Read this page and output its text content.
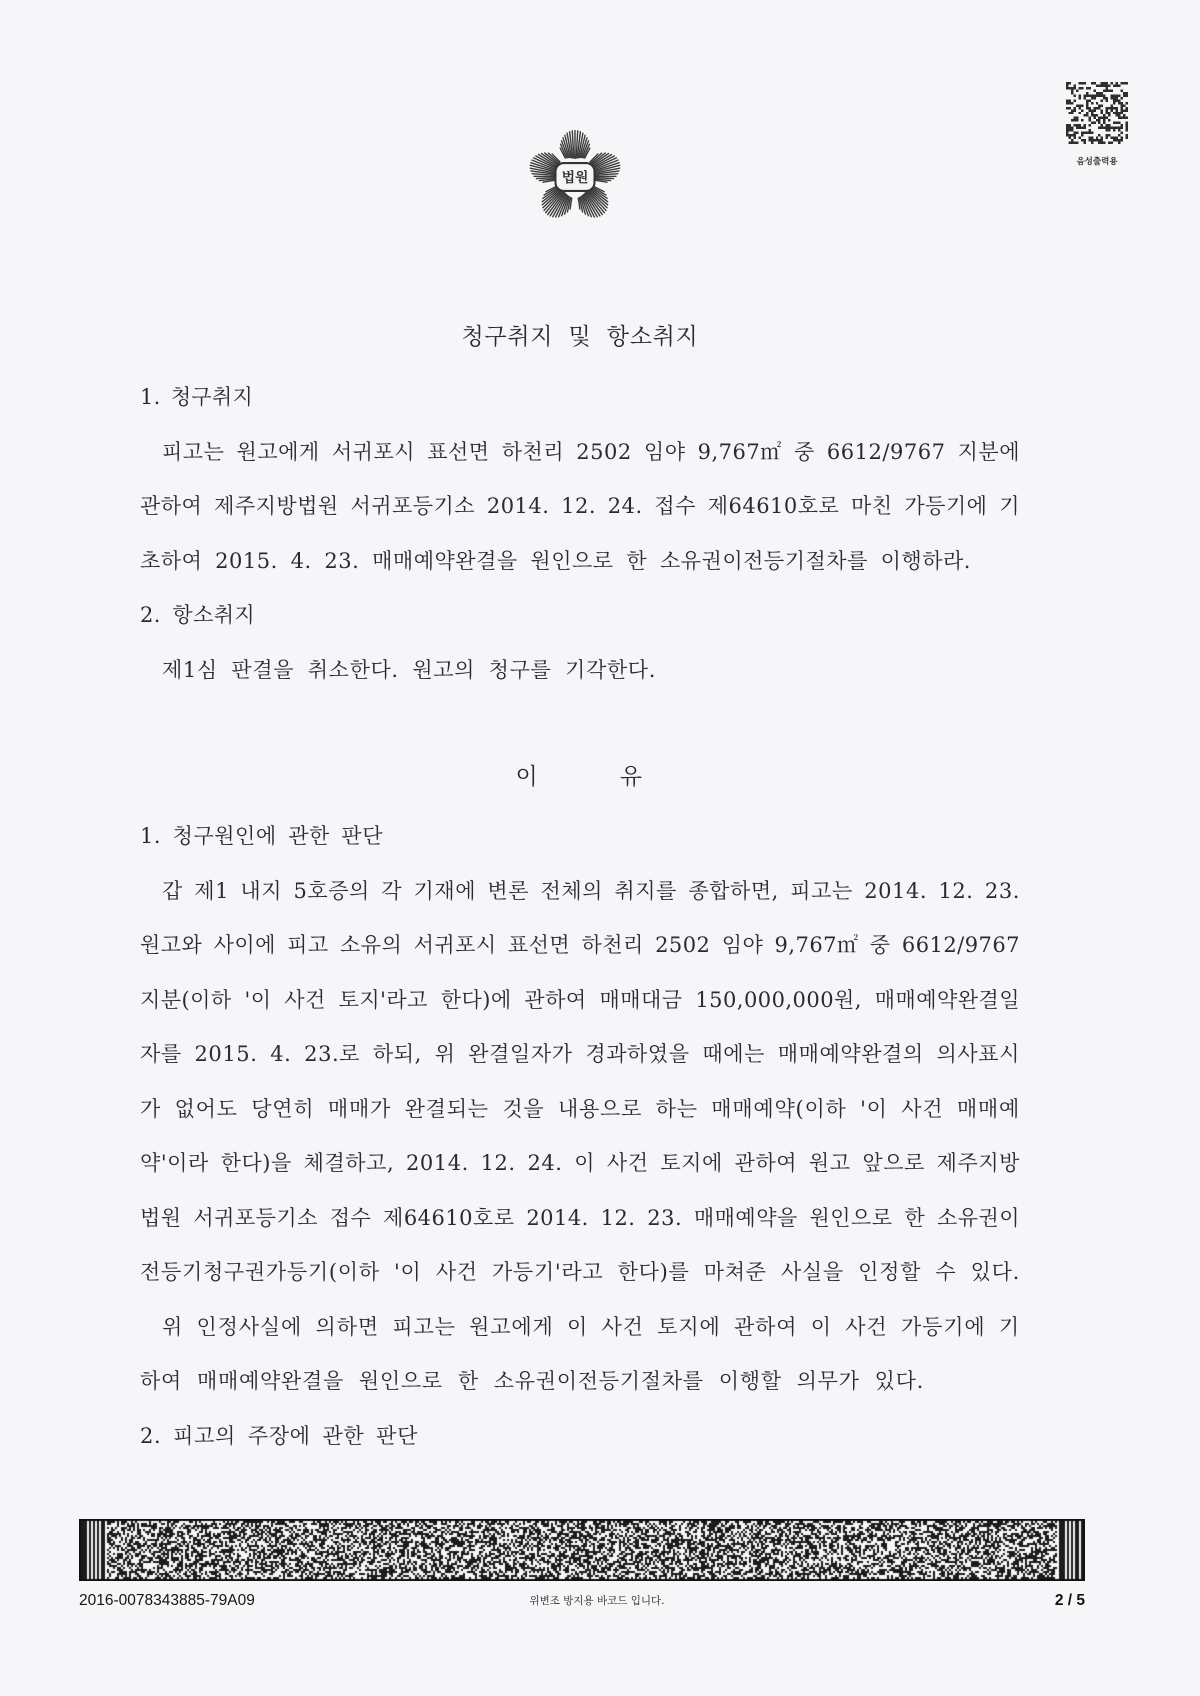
법원
음성출력용
청구취지 및 항소취지
1. 청구취지
피고는 원고에게 서귀포시 표선면 하천리 2502 임야 9,767㎡ 중 6612/9767 지분에
관하여 제주지방법원 서귀포등기소 2014. 12. 24. 접수 제64610호로 마친 가등기에 기
초하여 2015. 4. 23. 매매예약완결을 원인으로 한 소유권이전등기절차를 이행하라.
2. 항소취지
제1심 판결을 취소한다. 원고의 청구를 기각한다.
이 유
1. 청구원인에 관한 판단
갑 제1 내지 5호증의 각 기재에 변론 전체의 취지를 종합하면, 피고는 2014. 12. 23.
원고와 사이에 피고 소유의 서귀포시 표선면 하천리 2502 임야 9,767㎡ 중 6612/9767
지분(이하 '이 사건 토지'라고 한다)에 관하여 매매대금 150,000,000원, 매매예약완결일
자를 2015. 4. 23.로 하되, 위 완결일자가 경과하였을 때에는 매매예약완결의 의사표시
가 없어도 당연히 매매가 완결되는 것을 내용으로 하는 매매예약(이하 '이 사건 매매예
약'이라 한다)을 체결하고, 2014. 12. 24. 이 사건 토지에 관하여 원고 앞으로 제주지방
법원 서귀포등기소 접수 제64610호로 2014. 12. 23. 매매예약을 원인으로 한 소유권이
전등기청구권가등기(이하 '이 사건 가등기'라고 한다)를 마쳐준 사실을 인정할 수 있다.
위 인정사실에 의하면 피고는 원고에게 이 사건 토지에 관하여 이 사건 가등기에 기
하여 매매예약완결을 원인으로 한 소유권이전등기절차를 이행할 의무가 있다.
2. 피고의 주장에 관한 판단
2016-0078343885-79A09	위변조 방지용 바코드 입니다.	2 / 5
